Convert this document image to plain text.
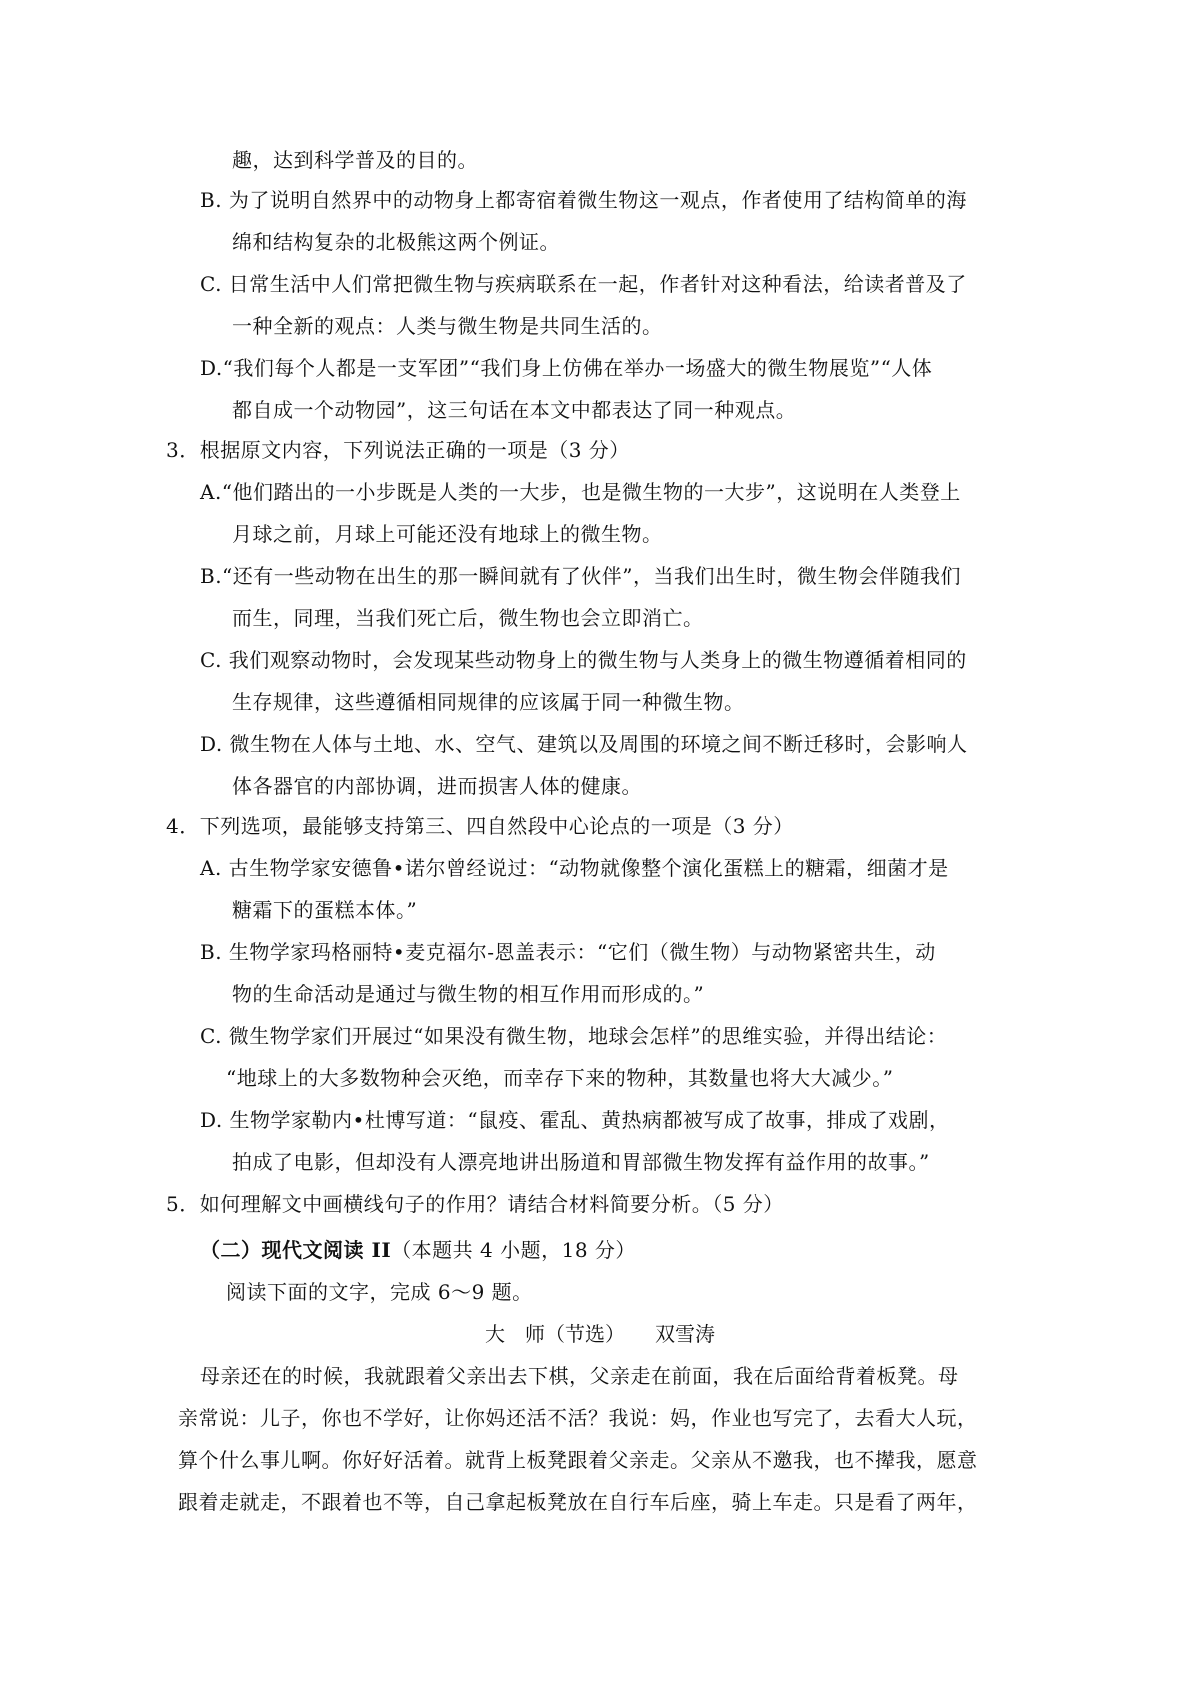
趣，达到科学普及的目的。
B. 为了说明自然界中的动物身上都寄宿着微生物这一观点，作者使用了结构简单的海
绵和结构复杂的北极熊这两个例证。
C. 日常生活中人们常把微生物与疾病联系在一起，作者针对这种看法，给读者普及了
一种全新的观点：人类与微生物是共同生活的。
D.“我们每个人都是一支军团”“我们身上仿佛在举办一场盛大的微生物展览”“人体
都自成一个动物园”，这三句话在本文中都表达了同一种观点。
3．根据原文内容，下列说法正确的一项是（3 分）
A.“他们踏出的一小步既是人类的一大步，也是微生物的一大步”，这说明在人类登上
月球之前，月球上可能还没有地球上的微生物。
B.“还有一些动物在出生的那一瞬间就有了伙伴”，当我们出生时，微生物会伴随我们
而生，同理，当我们死亡后，微生物也会立即消亡。
C. 我们观察动物时，会发现某些动物身上的微生物与人类身上的微生物遵循着相同的
生存规律，这些遵循相同规律的应该属于同一种微生物。
D. 微生物在人体与土地、水、空气、建筑以及周围的环境之间不断迁移时，会影响人
体各器官的内部协调，进而损害人体的健康。
4．下列选项，最能够支持第三、四自然段中心论点的一项是（3 分）
A. 古生物学家安德鲁•诺尔曾经说过：“动物就像整个演化蛋糕上的糖霜，细菌才是
糖霜下的蛋糕本体。”
B. 生物学家玛格丽特•麦克福尔-恩盖表示：“它们（微生物）与动物紧密共生，动
物的生命活动是通过与微生物的相互作用而形成的。”
C. 微生物学家们开展过“如果没有微生物，地球会怎样”的思维实验，并得出结论：
“地球上的大多数物种会灭绝，而幸存下来的物种，其数量也将大大减少。”
D. 生物学家勒内•杜博写道：“鼠疫、霍乱、黄热病都被写成了故事，排成了戏剧，
拍成了电影，但却没有人漂亮地讲出肠道和胃部微生物发挥有益作用的故事。”
5．如何理解文中画横线句子的作用？请结合材料简要分析。（5 分）
（二）现代文阅读 II（本题共 4 小题，18 分）
阅读下面的文字，完成 6～9 题。
大　师（节选）　　双雪涛
母亲还在的时候，我就跟着父亲出去下棋，父亲走在前面，我在后面给背着板凳。母
亲常说：儿子，你也不学好，让你妈还活不活？我说：妈，作业也写完了，去看大人玩，
算个什么事儿啊。你好好活着。就背上板凳跟着父亲走。父亲从不邀我，也不撵我，愿意
跟着走就走，不跟着也不等，自己拿起板凳放在自行车后座，骑上车走。只是看了两年，
